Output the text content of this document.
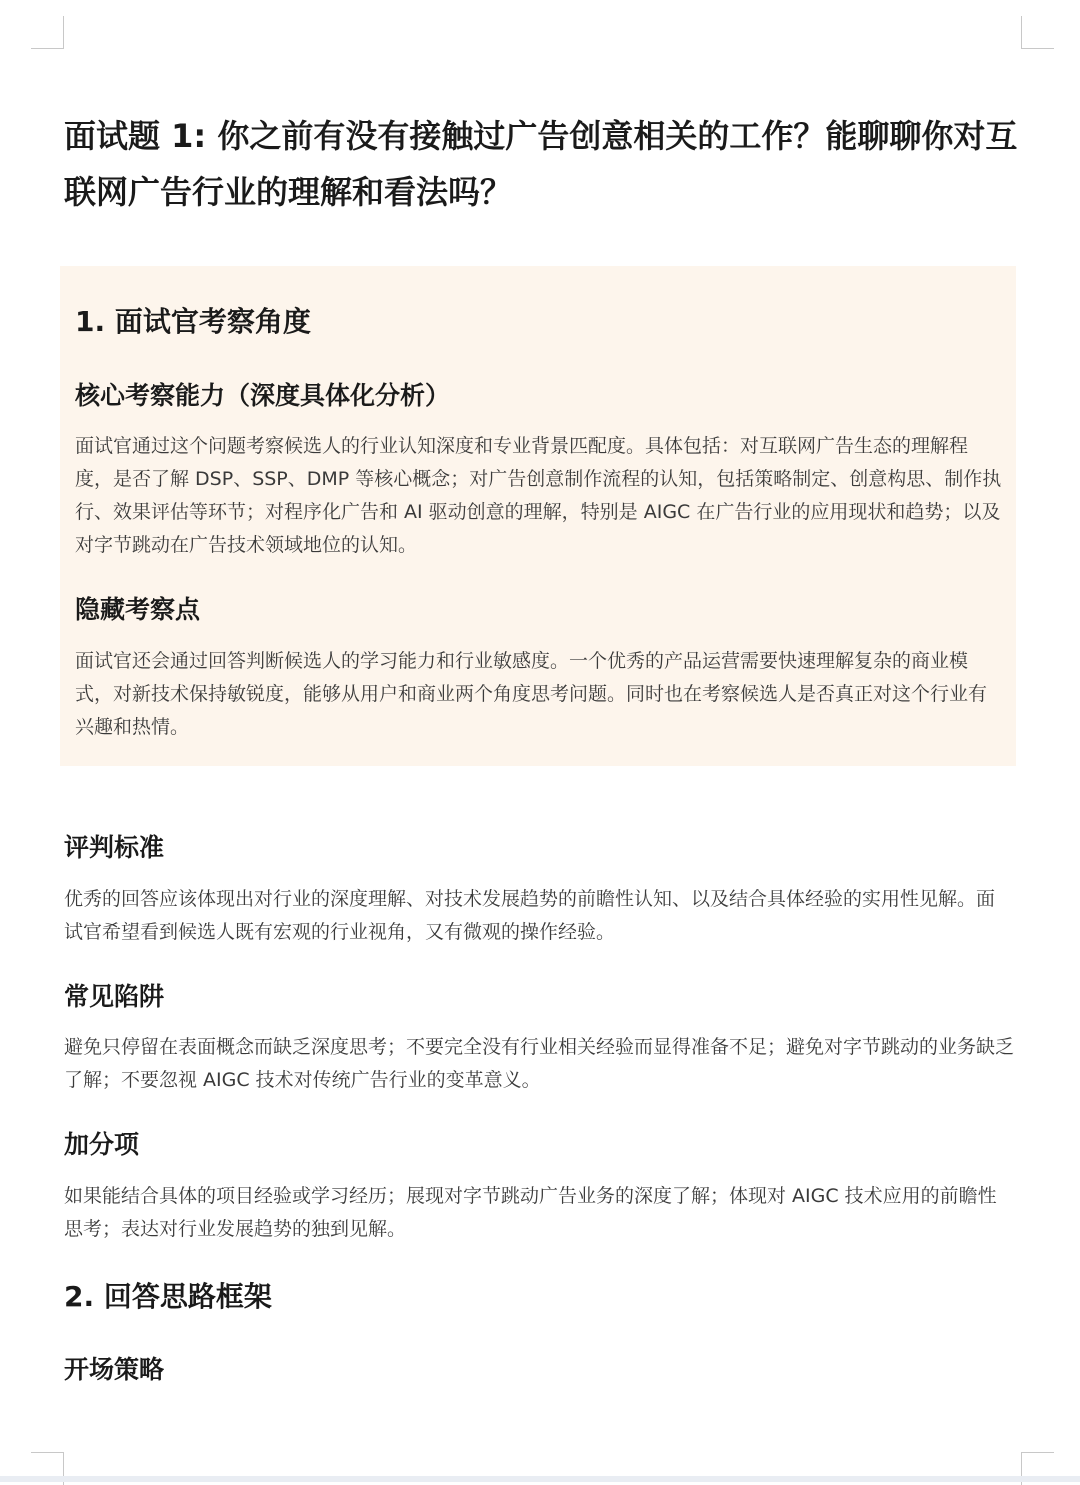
面试题 1: 你之前有没有接触过广告创意相关的工作？能聊聊你对互联网广告行业的理解和看法吗？
1. 面试官考察角度
核心考察能力（深度具体化分析）

面试官通过这个问题考察候选人的行业认知深度和专业背景匹配度。具体包括：对互联网广告生态的理解程度，是否了解 DSP、SSP、DMP 等核心概念；对广告创意制作流程的认知，包括策略制定、创意构思、制作执行、效果评估等环节；对程序化广告和 AI 驱动创意的理解，特别是 AIGC 在广告行业的应用现状和趋势；以及对字节跳动在广告技术领域地位的认知。

隐藏考察点

面试官还会通过回答判断候选人的学习能力和行业敏感度。一个优秀的产品运营需要快速理解复杂的商业模式，对新技术保持敏锐度，能够从用户和商业两个角度思考问题。同时也在考察候选人是否真正对这个行业有兴趣和热情。

评判标准

优秀的回答应该体现出对行业的深度理解、对技术发展趋势的前瞻性认知、以及结合具体经验的实用性见解。面试官希望看到候选人既有宏观的行业视角，又有微观的操作经验。

常见陷阱

避免只停留在表面概念而缺乏深度思考；不要完全没有行业相关经验而显得准备不足；避免对字节跳动的业务缺乏了解；不要忽视 AIGC 技术对传统广告行业的变革意义。

加分项

如果能结合具体的项目经验或学习经历；展现对字节跳动广告业务的深度了解；体现对 AIGC 技术应用的前瞻性思考；表达对行业发展趋势的独到见解。

2. 回答思路框架
开场策略
